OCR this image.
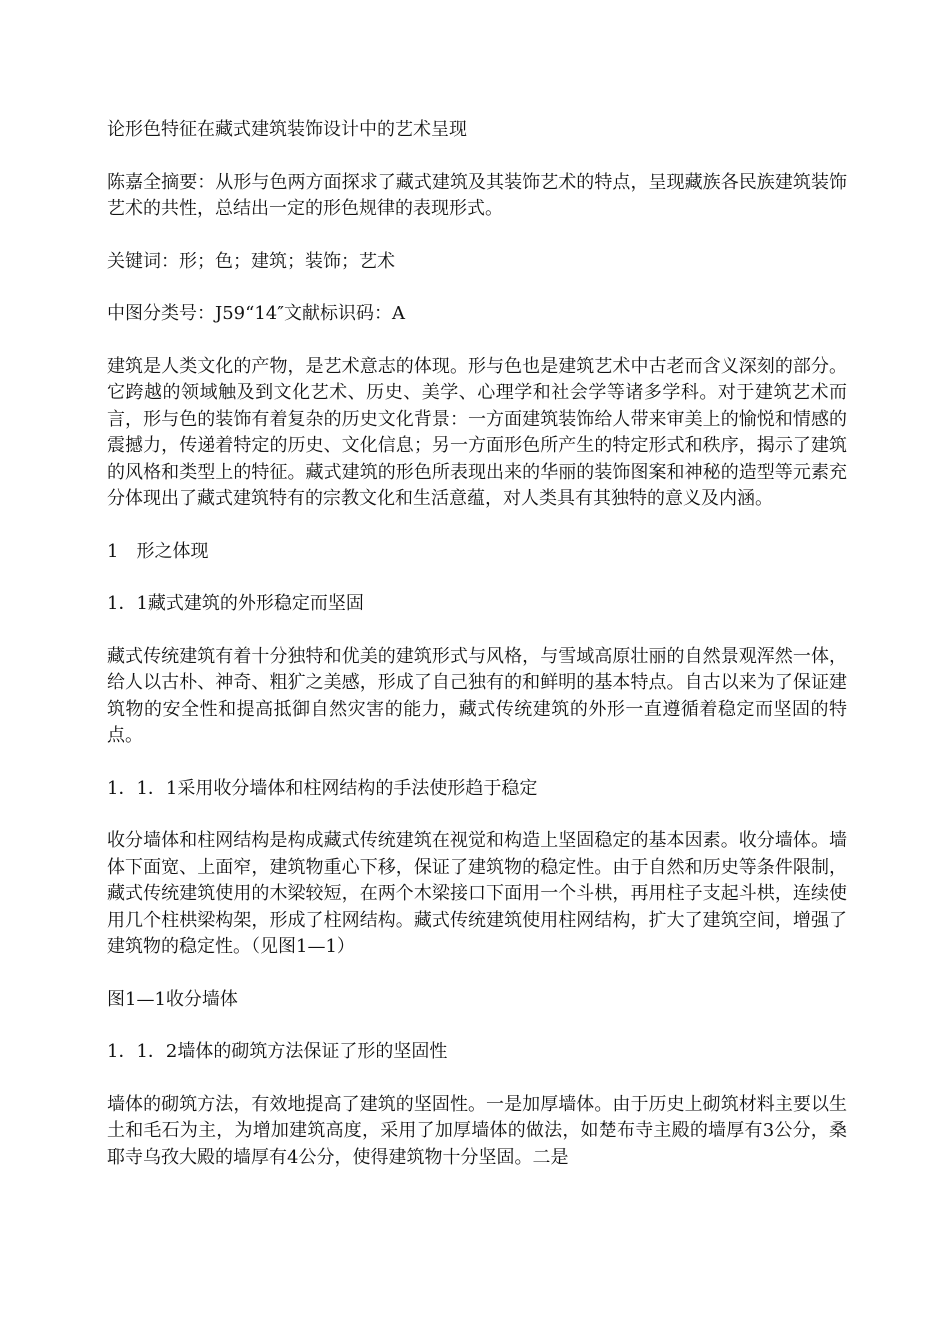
论形色特征在藏式建筑装饰设计中的艺术呈现

陈嘉全摘要：从形与色两方面探求了藏式建筑及其装饰艺术的特点，呈现藏族各民族建筑装饰艺术的共性，总结出一定的形色规律的表现形式。

关键词：形；色；建筑；装饰；艺术

中图分类号：J59“14″文献标识码：A

建筑是人类文化的产物，是艺术意志的体现。形与色也是建筑艺术中古老而含义深刻的部分。它跨越的领域触及到文化艺术、历史、美学、心理学和社会学等诸多学科。对于建筑艺术而言，形与色的装饰有着复杂的历史文化背景：一方面建筑装饰给人带来审美上的愉悦和情感的震撼力，传递着特定的历史、文化信息；另一方面形色所产生的特定形式和秩序，揭示了建筑的风格和类型上的特征。藏式建筑的形色所表现出来的华丽的装饰图案和神秘的造型等元素充分体现出了藏式建筑特有的宗教文化和生活意蕴，对人类具有其独特的意义及内涵。

1　形之体现

1．1藏式建筑的外形稳定而坚固

藏式传统建筑有着十分独特和优美的建筑形式与风格，与雪域高原壮丽的自然景观浑然一体，给人以古朴、神奇、粗犷之美感，形成了自己独有的和鲜明的基本特点。自古以来为了保证建筑物的安全性和提高抵御自然灾害的能力，藏式传统建筑的外形一直遵循着稳定而坚固的特点。

1．1．1采用收分墙体和柱网结构的手法使形趋于稳定

收分墙体和柱网结构是构成藏式传统建筑在视觉和构造上坚固稳定的基本因素。收分墙体。墙体下面宽、上面窄，建筑物重心下移，保证了建筑物的稳定性。由于自然和历史等条件限制，藏式传统建筑使用的木梁较短，在两个木梁接口下面用一个斗栱，再用柱子支起斗栱，连续使用几个柱栱梁构架，形成了柱网结构。藏式传统建筑使用柱网结构，扩大了建筑空间，增强了建筑物的稳定性。（见图1—1）

图1—1收分墙体

1．1．2墙体的砌筑方法保证了形的坚固性

墙体的砌筑方法，有效地提高了建筑的坚固性。一是加厚墙体。由于历史上砌筑材料主要以生土和毛石为主，为增加建筑高度，采用了加厚墙体的做法，如楚布寺主殿的墙厚有3公分，桑耶寺乌孜大殿的墙厚有4公分，使得建筑物十分坚固。二是
